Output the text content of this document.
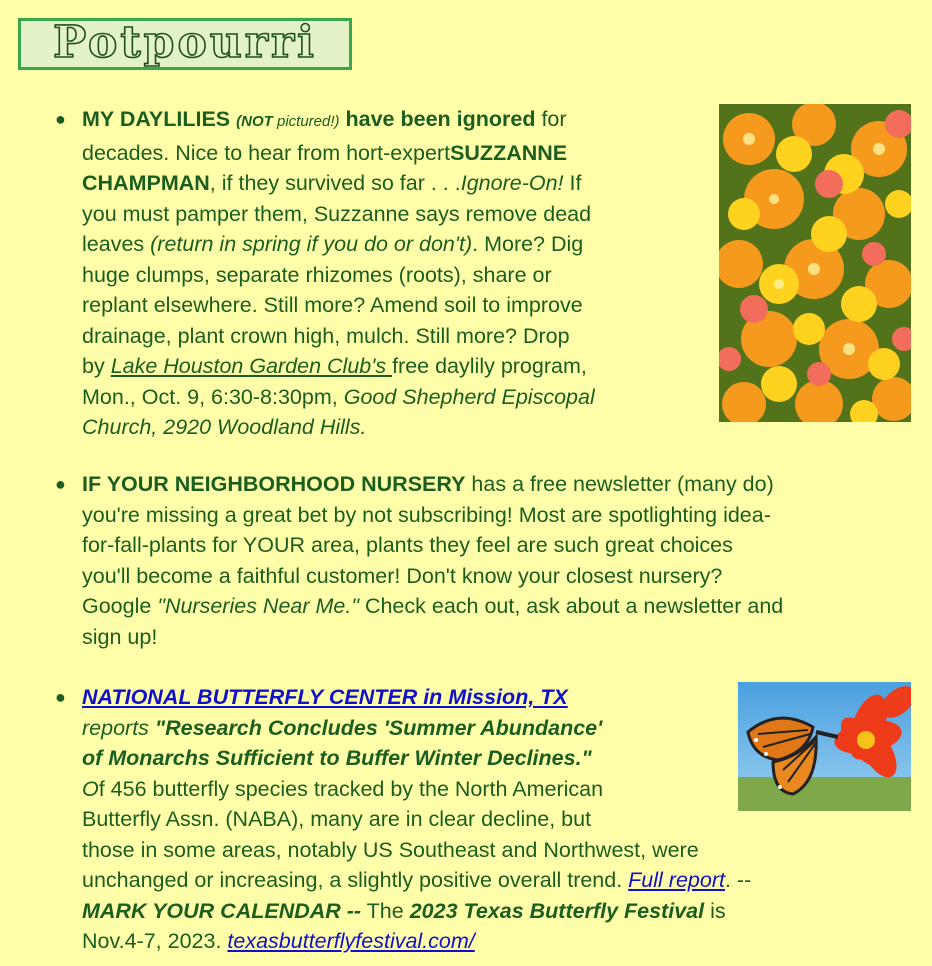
Potpourri
● MY DAYLILIES (NOT pictured!) have been ignored for
decades. Nice to hear from hort-expertSUZZANNE
CHAMPMAN, if they survived so far . . .Ignore-On! If
you must pamper them, Suzzanne says remove dead
leaves (return in spring if you do or don't). More? Dig
huge clumps, separate rhizomes (roots), share or
replant elsewhere. Still more? Amend soil to improve
drainage, plant crown high, mulch. Still more? Drop
by Lake Houston Garden Club's free daylily program,
Mon., Oct. 9, 6:30-8:30pm, Good Shepherd Episcopal
Church, 2920 Woodland Hills.
● IF YOUR NEIGHBORHOOD NURSERY has a free newsletter (many do)
you're missing a great bet by not subscribing! Most are spotlighting idea-
for-fall-plants for YOUR area, plants they feel are such great choices
you'll become a faithful customer! Don't know your closest nursery?
Google "Nurseries Near Me." Check each out, ask about a newsletter and
sign up!
● NATIONAL BUTTERFLY CENTER in Mission, TX
reports "Research Concludes 'Summer Abundance'
of Monarchs Sufficient to Buffer Winter Declines."
Of 456 butterfly species tracked by the North American
Butterfly Assn. (NABA), many are in clear decline, but
those in some areas, notably US Southeast and Northwest, were
unchanged or increasing, a slightly positive overall trend. Full report. --
MARK YOUR CALENDAR -- The 2023 Texas Butterfly Festival is
Nov.4-7, 2023. texasbutterflyfestival.com/
